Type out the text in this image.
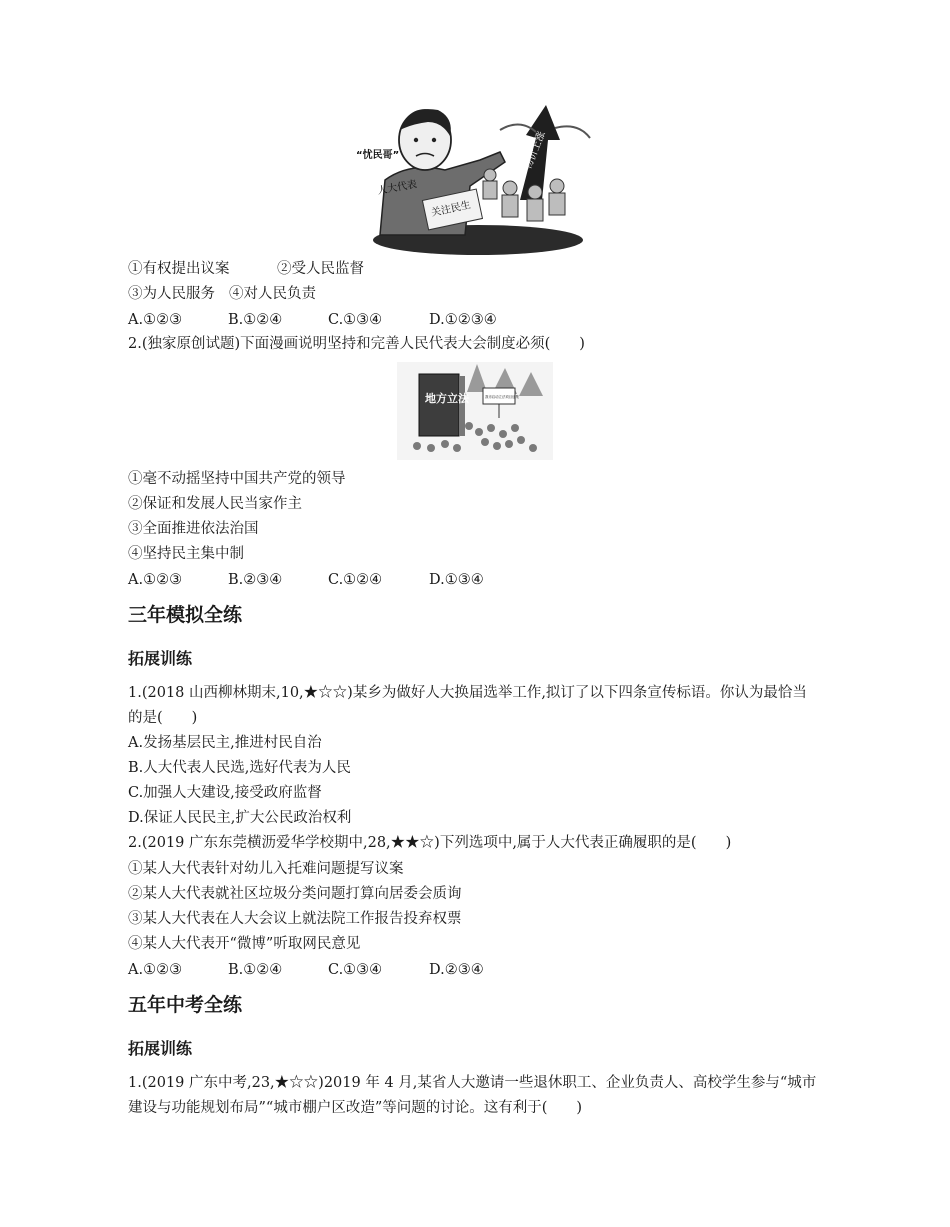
“忧民哥”
人大代表
关注民生
物价上涨
①有权提出议案	②受人民监督
③为人民服务 ④对人民负责
A.①②③	B.①②④	C.①③④	D.①②③④
2.(独家原创试题)下面漫画说明坚持和完善人民代表大会制度必须(　　)
地方立法	我市启动立法项目征集
①毫不动摇坚持中国共产党的领导
②保证和发展人民当家作主
③全面推进依法治国
④坚持民主集中制
A.①②③	B.②③④	C.①②④	D.①③④
三年模拟全练
拓展训练
1.(2018 山西柳林期末,10,★☆☆)某乡为做好人大换届选举工作,拟订了以下四条宣传标语。你认为最恰当
的是(　　)
A.发扬基层民主,推进村民自治
B.人大代表人民选,选好代表为人民
C.加强人大建设,接受政府监督
D.保证人民民主,扩大公民政治权利
2.(2019 广东东莞横沥爱华学校期中,28,★★☆)下列选项中,属于人大代表正确履职的是(　　)
①某人大代表针对幼儿入托难问题提写议案
②某人大代表就社区垃圾分类问题打算向居委会质询
③某人大代表在人大会议上就法院工作报告投弃权票
④某人大代表开“微博”听取网民意见
A.①②③	B.①②④	C.①③④	D.②③④
五年中考全练
拓展训练
1.(2019 广东中考,23,★☆☆)2019 年 4 月,某省人大邀请一些退休职工、企业负责人、高校学生参与“城市
建设与功能规划布局”“城市棚户区改造”等问题的讨论。这有利于(　　)
